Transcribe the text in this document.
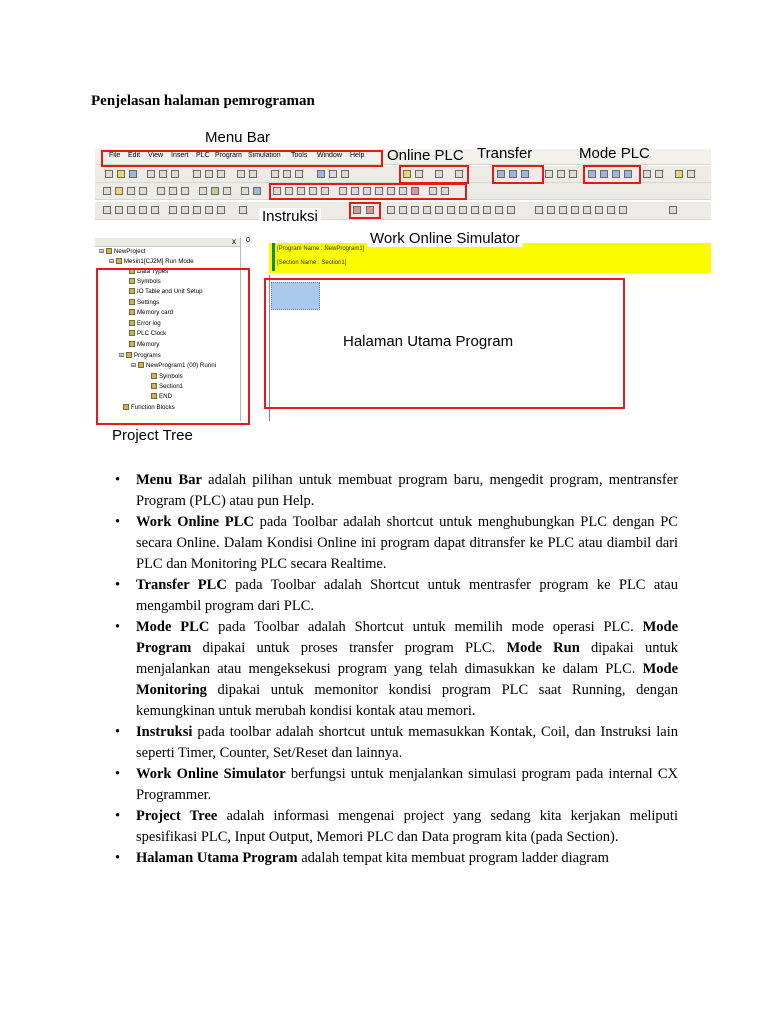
Penjelasan halaman pemrograman
File Edit View Insert PLC Program Simulation Tools Window Help
x
⊟ NewProject
⊟ Mesin1[CJ2M] Run Mode
Data Types
Symbols
IO Table and Unit Setup
Settings
Memory card
Error log
PLC Clock
Memory
⊟ Programs
⊟ NewProgram1 (00) Runni
Symbols
Section1
END
Function Blocks
0
[Program Name : NewProgram1]
[Section Name : Section1]
Menu Bar
Online PLC Transfer	Mode PLC
Instruksi
Work Online Simulator
Halaman Utama Program
Project Tree
• Menu Bar adalah pilihan untuk membuat program baru, mengedit program, mentransfer Program (PLC) atau pun Help.
• Work Online PLC pada Toolbar adalah shortcut untuk menghubungkan PLC dengan PC secara Online. Dalam Kondisi Online ini program dapat ditransfer ke PLC atau diambil dari PLC dan Monitoring PLC secara Realtime.
• Transfer PLC pada Toolbar adalah Shortcut untuk mentrasfer program ke PLC atau mengambil program dari PLC.
• Mode PLC pada Toolbar adalah Shortcut untuk memilih mode operasi PLC. Mode Program dipakai untuk proses transfer program PLC. Mode Run dipakai untuk menjalankan atau mengeksekusi program yang telah dimasukkan ke dalam PLC. Mode Monitoring dipakai untuk memonitor kondisi program PLC saat Running, dengan kemungkinan untuk merubah kondisi kontak atau memori.
• Instruksi pada toolbar adalah shortcut untuk memasukkan Kontak, Coil, dan Instruksi lain seperti Timer, Counter, Set/Reset dan lainnya.
• Work Online Simulator berfungsi untuk menjalankan simulasi program pada internal CX Programmer.
• Project Tree adalah informasi mengenai project yang sedang kita kerjakan meliputi spesifikasi PLC, Input Output, Memori PLC dan Data program kita (pada Section).
• Halaman Utama Program adalah tempat kita membuat program ladder diagram
